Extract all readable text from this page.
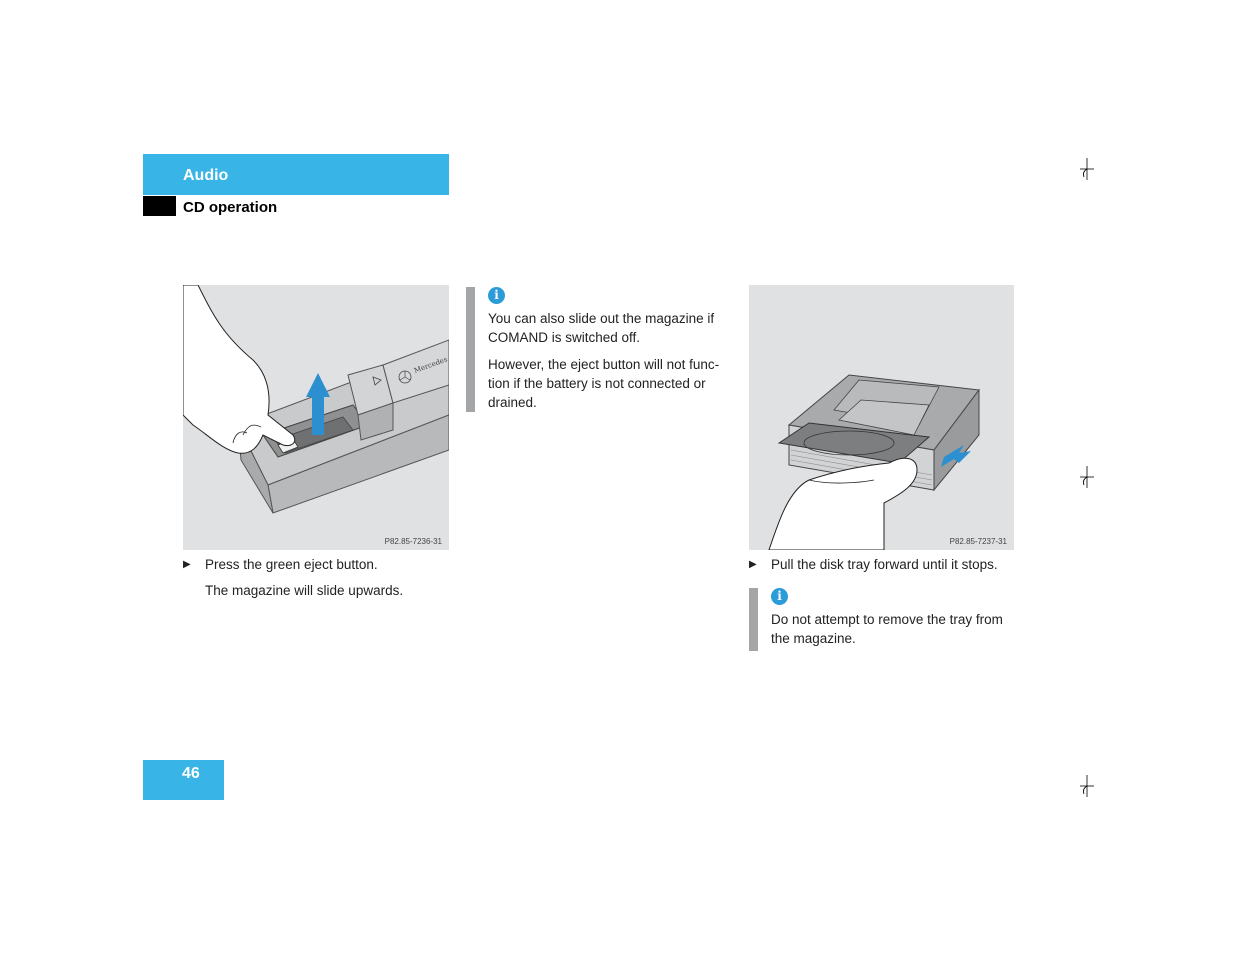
Audio
CD operation
Mercedes
P82.85-7236-31
▶	Press the green eject button.
The magazine will slide upwards.
i

You can also slide out the magazine if COMAND is switched off.

However, the eject button will not func-tion if the battery is not connected or drained.

P82.85-7237-31
▶	Pull the disk tray forward until it stops.
i

Do not attempt to remove the tray from the magazine.

46
